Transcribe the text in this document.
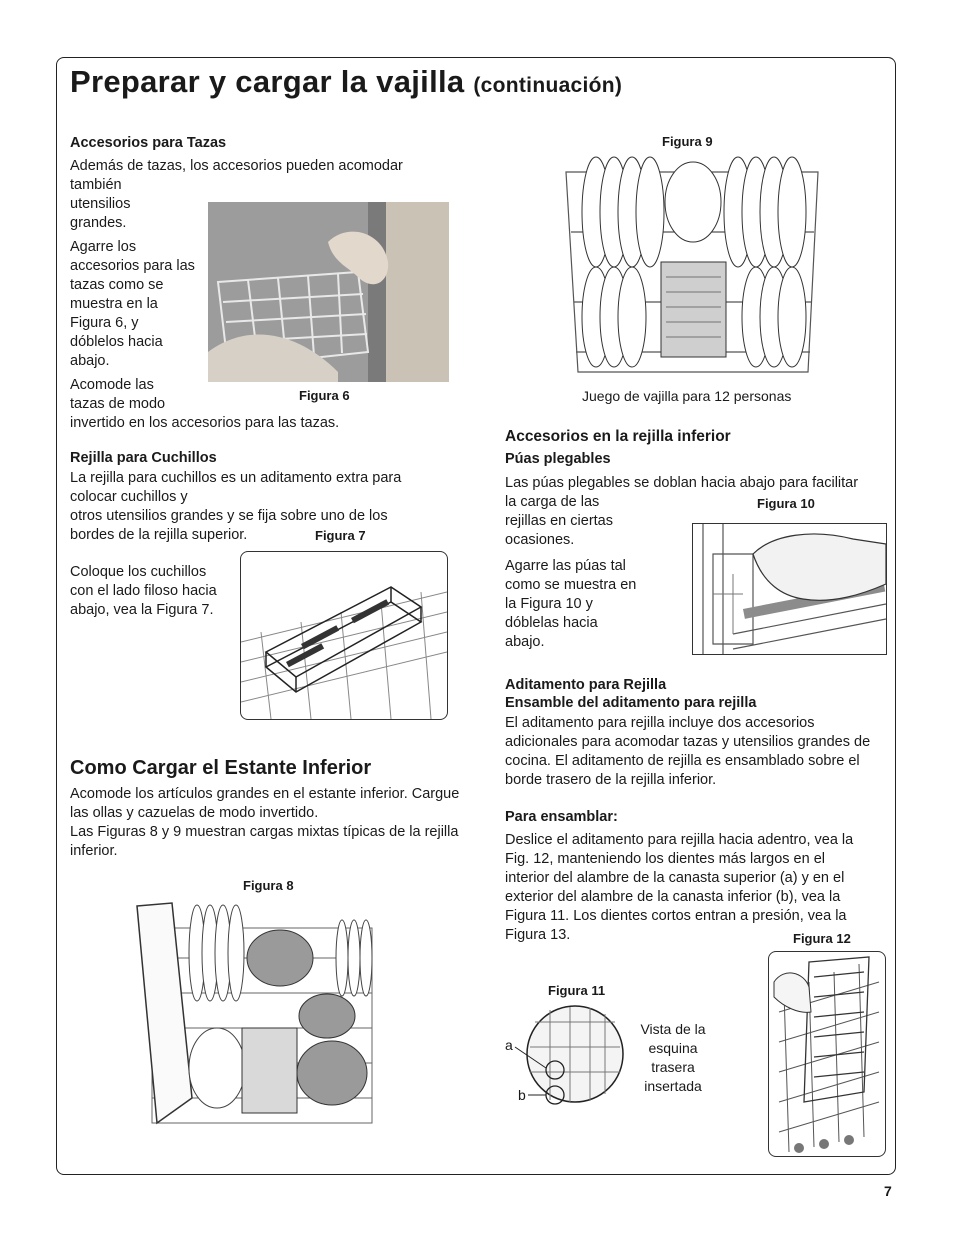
Preparar y cargar la vajilla (continuación)
Accesorios para Tazas
Además de tazas, los accesorios pueden acomodar
también
utensilios
grandes.
Agarre los accesorios para las tazas como se muestra en la Figura 6, y dóblelos hacia abajo.
Acomode las
tazas de modo
invertido en los accesorios para las tazas.
Figura 6
Rejilla para Cuchillos
La rejilla para cuchillos es un aditamento extra para
colocar cuchillos y
otros utensilios grandes y se fija sobre uno de los
bordes de la rejilla superior.	Figura 7
Coloque los cuchillos con el lado filoso hacia abajo, vea la Figura 7.
Como Cargar el Estante Inferior
Acomode los artículos grandes en el estante inferior. Cargue las ollas y cazuelas de modo invertido.
Las Figuras 8 y 9 muestran cargas mixtas típicas de la rejilla inferior.
Figura 8
Figura 9
Juego de vajilla para 12 personas
Accesorios en la rejilla inferior
Púas plegables
Las púas plegables se doblan hacia abajo para facilitar
la carga de las
rejillas en ciertas
ocasiones.
Figura 10
Agarre las púas tal como se muestra en la Figura 10 y dóblelas hacia abajo.
Aditamento para Rejilla
Ensamble del aditamento para rejilla
El aditamento para rejilla incluye dos accesorios adicionales para acomodar tazas y utensilios grandes de cocina. El aditamento de rejilla es ensamblado sobre el borde trasero de la rejilla inferior.
Para ensamblar:
Deslice el aditamento para rejilla hacia adentro, vea la
Fig. 12, manteniendo los dientes más largos en el
interior del alambre de la canasta superior (a) y en el
exterior del alambre de la canasta inferior (b), vea la
Figura 11. Los dientes cortos entran a presión, vea la
Figura 13.
Figura 11
a
b
Vista de la esquina trasera insertada
Figura 12
7
